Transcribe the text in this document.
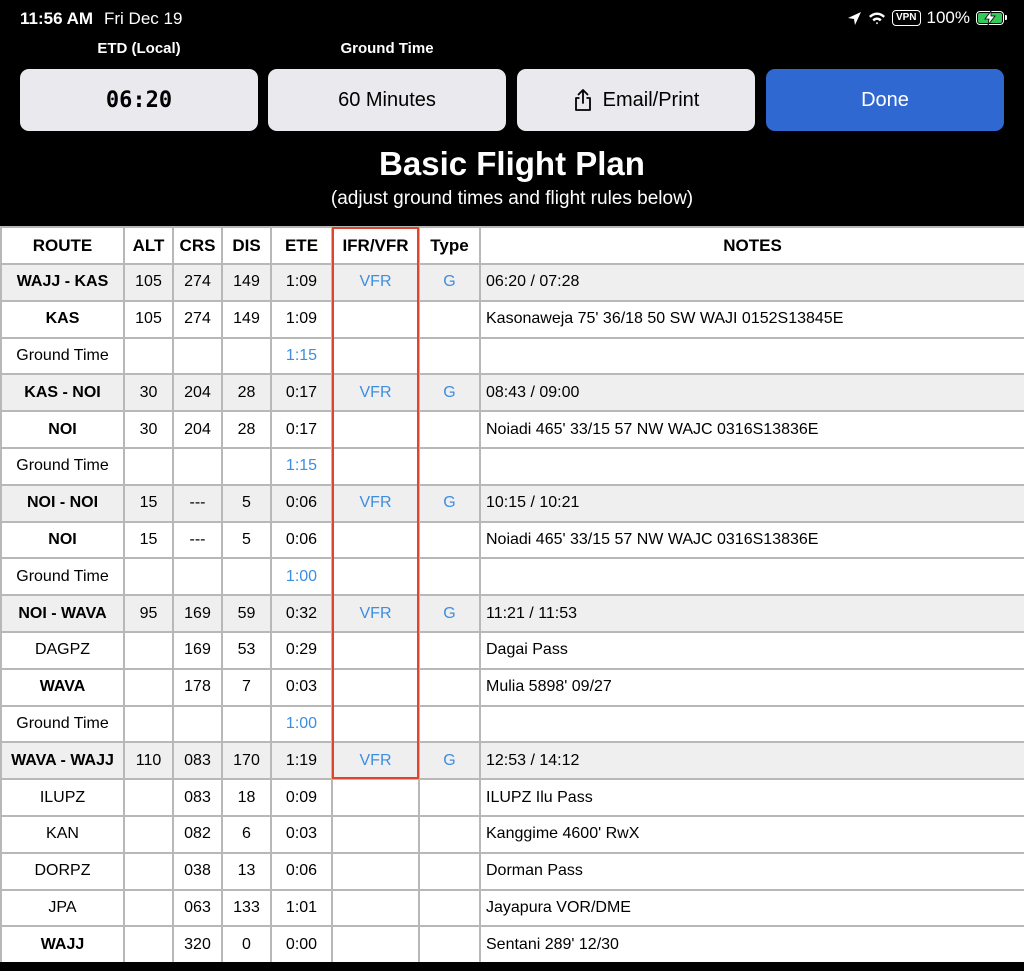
11:56 AM Fri Dec 19	VPN 100%
ETD (Local)	Ground Time
06:20	60 Minutes	Email/Print	Done
Basic Flight Plan
(adjust ground times and flight rules below)
ROUTE	ALT	CRS	DIS	ETE	IFR/VFR	Type	NOTES
WAJJ - KAS	105	274	149	1:09	VFR	G	06:20 / 07:28
KAS	105	274	149	1:09			Kasonaweja 75' 36/18 50 SW WAJI 0152S13845E
Ground Time				1:15			
KAS - NOI	30	204	28	0:17	VFR	G	08:43 / 09:00
NOI	30	204	28	0:17			Noiadi 465' 33/15 57 NW WAJC 0316S13836E
Ground Time				1:15			
NOI - NOI	15	---	5	0:06	VFR	G	10:15 / 10:21
NOI	15	---	5	0:06			Noiadi 465' 33/15 57 NW WAJC 0316S13836E
Ground Time				1:00			
NOI - WAVA	95	169	59	0:32	VFR	G	11:21 / 11:53
DAGPZ		169	53	0:29			Dagai Pass
WAVA		178	7	0:03			Mulia 5898' 09/27
Ground Time				1:00			
WAVA - WAJJ	110	083	170	1:19	VFR	G	12:53 / 14:12
ILUPZ		083	18	0:09			ILUPZ Ilu Pass
KAN		082	6	0:03			Kanggime 4600' RwX
DORPZ		038	13	0:06			Dorman Pass
JPA		063	133	1:01			Jayapura VOR/DME
WAJJ		320	0	0:00			Sentani 289' 12/30
